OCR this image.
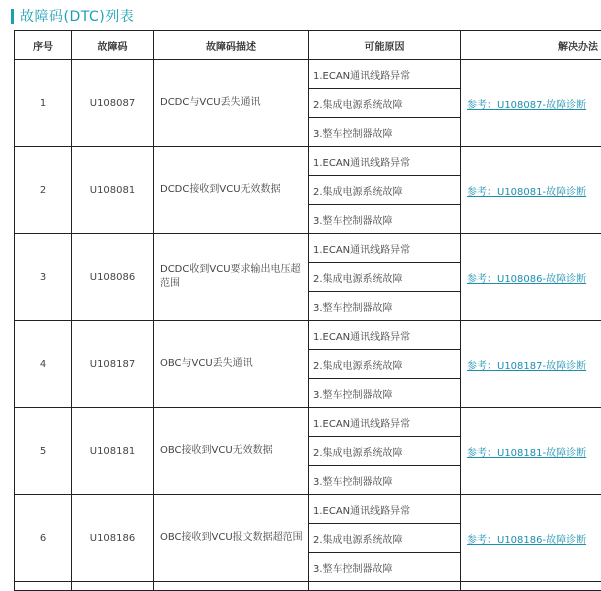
故障码(DTC)列表
序号	故障码	故障码描述	可能原因	解决办法
1	U108087	DCDC与VCU丢失通讯	1.ECAN通讯线路异常	参考：U108087-故障诊断
			2.集成电源系统故障	
			3.整车控制器故障	
2	U108081	DCDC接收到VCU无效数据	1.ECAN通讯线路异常	参考：U108081-故障诊断
			2.集成电源系统故障	
			3.整车控制器故障	
3	U108086	DCDC收到VCU要求输出电压超范围	1.ECAN通讯线路异常	参考：U108086-故障诊断
			2.集成电源系统故障	
			3.整车控制器故障	
4	U108187	OBC与VCU丢失通讯	1.ECAN通讯线路异常	参考：U108187-故障诊断
			2.集成电源系统故障	
			3.整车控制器故障	
5	U108181	OBC接收到VCU无效数据	1.ECAN通讯线路异常	参考：U108181-故障诊断
			2.集成电源系统故障	
			3.整车控制器故障	
6	U108186	OBC接收到VCU报文数据超范围	1.ECAN通讯线路异常	参考：U108186-故障诊断
			2.集成电源系统故障	
			3.整车控制器故障	
